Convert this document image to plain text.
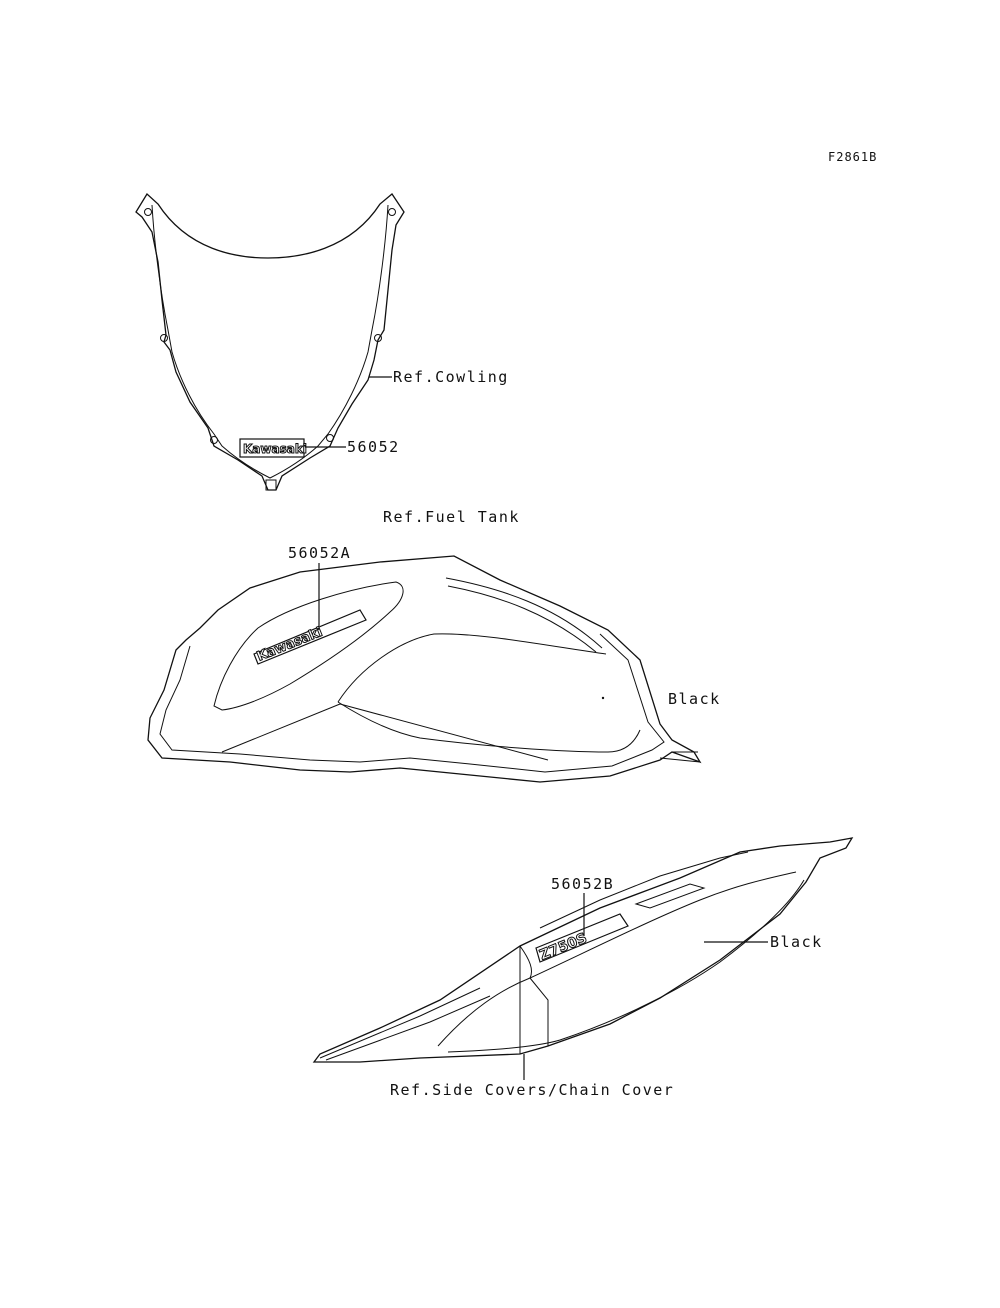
F2861B
Kawasaki
Ref.Cowling
56052
Ref.Fuel Tank
56052A
Kawasaki
Black
56052B
Z750S	Black
Ref.Side Covers/Chain Cover
